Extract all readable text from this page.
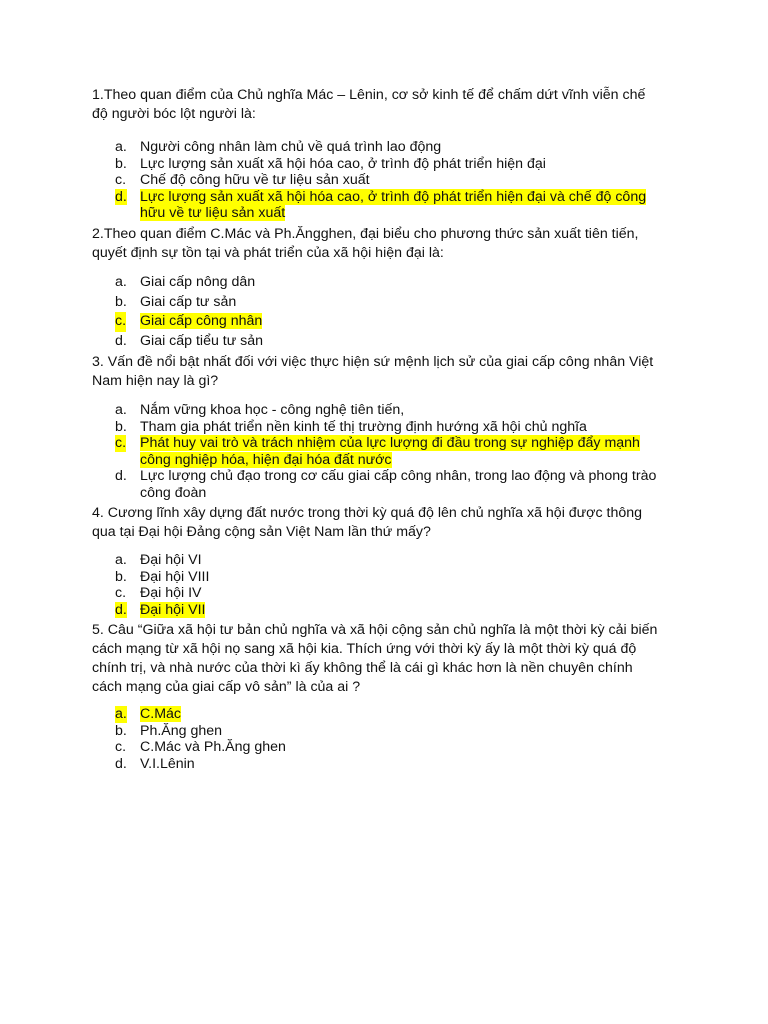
1.Theo quan điểm của Chủ nghĩa Mác – Lênin, cơ sở kinh tế để chấm dứt vĩnh viễn chế
độ người bóc lột người là:

a. Người công nhân làm chủ về quá trình lao động
b. Lực lượng sản xuất xã hội hóa cao, ở trình độ phát triển hiện đại
c. Chế độ công hữu về tư liệu sản xuất
d. Lực lượng sản xuất xã hội hóa cao, ở trình độ phát triển hiện đại và chế độ công
hữu về tư liệu sản xuất

2.Theo quan điểm C.Mác và Ph.Ăngghen, đại biểu cho phương thức sản xuất tiên tiến,
quyết định sự tồn tại và phát triển của xã hội hiện đại là:

a. Giai cấp nông dân
b. Giai cấp tư sản
c. Giai cấp công nhân
d. Giai cấp tiểu tư sản

3. Vấn đề nổi bật nhất đối với việc thực hiện sứ mệnh lịch sử của giai cấp công nhân Việt
Nam hiện nay là gì?

a. Nắm vững khoa học - công nghệ tiên tiến,
b. Tham gia phát triển nền kinh tế thị trường định hướng xã hội chủ nghĩa
c. Phát huy vai trò và trách nhiệm của lực lượng đi đầu trong sự nghiệp đẩy mạnh
công nghiệp hóa, hiện đại hóa đất nước
d. Lực lượng chủ đạo trong cơ cấu giai cấp công nhân, trong lao động và phong trào
công đoàn

4. Cương lĩnh xây dựng đất nước trong thời kỳ quá độ lên chủ nghĩa xã hội được thông
qua tại Đại hội Đảng cộng sản Việt Nam lần thứ mấy?

a. Đại hội VI
b. Đại hội VIII
c. Đại hội IV
d. Đại hội VII

5. Câu “Giữa xã hội tư bản chủ nghĩa và xã hội cộng sản chủ nghĩa là một thời kỳ cải biến
cách mạng từ xã hội nọ sang xã hội kia. Thích ứng với thời kỳ ấy là một thời kỳ quá độ
chính trị, và nhà nước của thời kì ấy không thể là cái gì khác hơn là nền chuyên chính
cách mạng của giai cấp vô sản” là của ai ?

a. C.Mác
b. Ph.Ăng ghen
c. C.Mác và Ph.Ăng ghen
d. V.I.Lênin
